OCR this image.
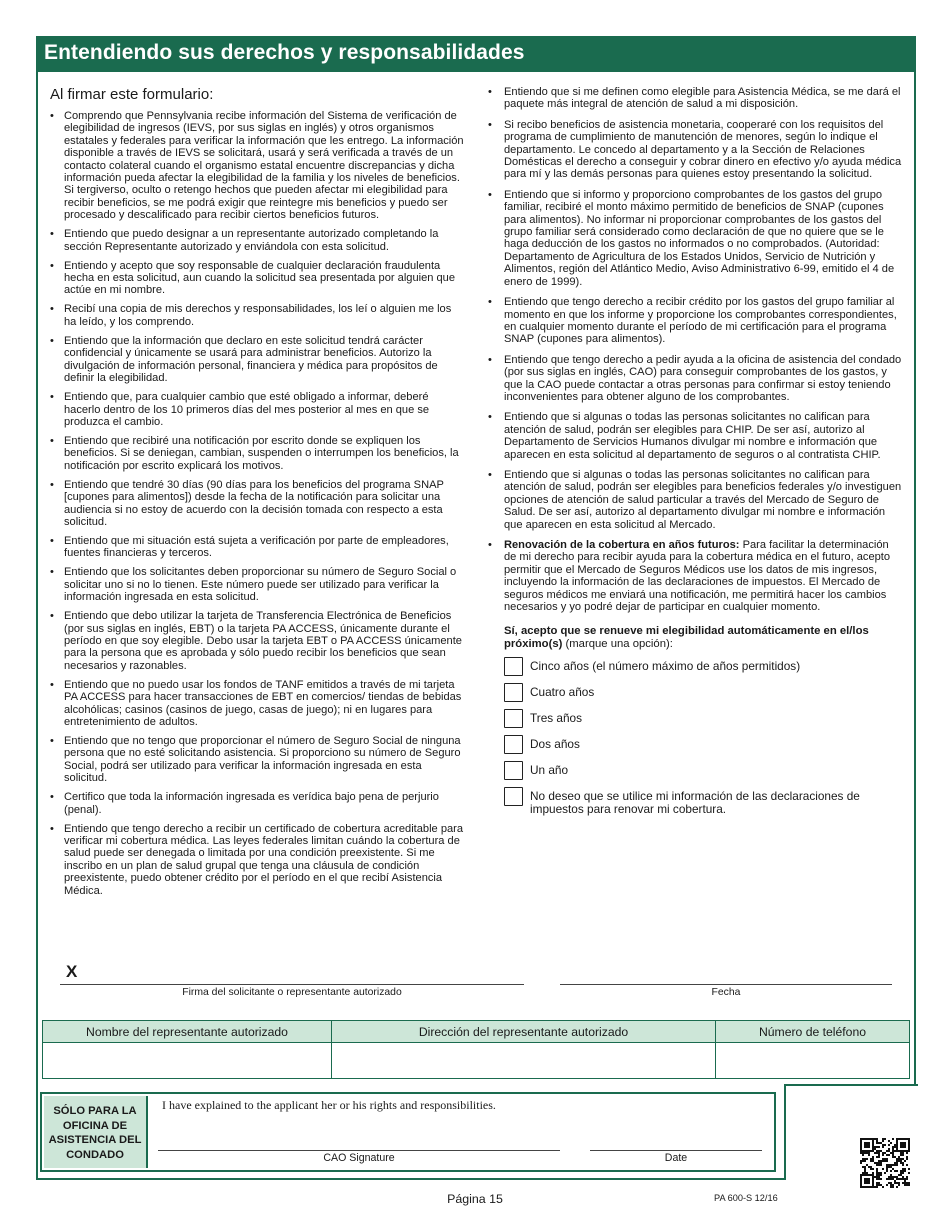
Entendiendo sus derechos y responsabilidades
Al firmar este formulario:
• Comprendo que Pennsylvania recibe información del Sistema de verificación de elegibilidad de ingresos (IEVS, por sus siglas en inglés) y otros organismos estatales y federales para verificar la información que les entrego. La información disponible a través de IEVS se solicitará, usará y será verificada a través de un contacto colateral cuando el organismo estatal encuentre discrepancias y dicha información pueda afectar la elegibilidad de la familia y los niveles de beneficios. Si tergiverso, oculto o retengo hechos que pueden afectar mi elegibilidad para recibir beneficios, se me podrá exigir que reintegre mis beneficios y puedo ser procesado y descalificado para recibir ciertos beneficios futuros.
• Entiendo que puedo designar a un representante autorizado completando la sección Representante autorizado y enviándola con esta solicitud.
• Entiendo y acepto que soy responsable de cualquier declaración fraudulenta hecha en esta solicitud, aun cuando la solicitud sea presentada por alguien que actúe en mi nombre.
• Recibí una copia de mis derechos y responsabilidades, los leí o alguien me los ha leído, y los comprendo.
• Entiendo que la información que declaro en este solicitud tendrá carácter confidencial y únicamente se usará para administrar beneficios. Autorizo la divulgación de información personal, financiera y médica para propósitos de definir la elegibilidad.
• Entiendo que, para cualquier cambio que esté obligado a informar, deberé hacerlo dentro de los 10 primeros días del mes posterior al mes en que se produzca el cambio.
• Entiendo que recibiré una notificación por escrito donde se expliquen los beneficios. Si se deniegan, cambian, suspenden o interrumpen los beneficios, la notificación por escrito explicará los motivos.
• Entiendo que tendré 30 días (90 días para los beneficios del programa SNAP [cupones para alimentos]) desde la fecha de la notificación para solicitar una audiencia si no estoy de acuerdo con la decisión tomada con respecto a esta solicitud.
• Entiendo que mi situación está sujeta a verificación por parte de empleadores, fuentes financieras y terceros.
• Entiendo que los solicitantes deben proporcionar su número de Seguro Social o solicitar uno si no lo tienen. Este número puede ser utilizado para verificar la información ingresada en esta solicitud.
• Entiendo que debo utilizar la tarjeta de Transferencia Electrónica de Beneficios (por sus siglas en inglés, EBT) o la tarjeta PA ACCESS, únicamente durante el período en que soy elegible. Debo usar la tarjeta EBT o PA ACCESS únicamente para la persona que es aprobada y sólo puedo recibir los beneficios que sean necesarios y razonables.
• Entiendo que no puedo usar los fondos de TANF emitidos a través de mi tarjeta PA ACCESS para hacer transacciones de EBT en comercios/ tiendas de bebidas alcohólicas; casinos (casinos de juego, casas de juego); ni en lugares para entretenimiento de adultos.
• Entiendo que no tengo que proporcionar el número de Seguro Social de ninguna persona que no esté solicitando asistencia. Si proporciono su número de Seguro Social, podrá ser utilizado para verificar la información ingresada en esta solicitud.
• Certifico que toda la información ingresada es verídica bajo pena de perjurio (penal).
• Entiendo que tengo derecho a recibir un certificado de cobertura acreditable para verificar mi cobertura médica. Las leyes federales limitan cuándo la cobertura de salud puede ser denegada o limitada por una condición preexistente. Si me inscribo en un plan de salud grupal que tenga una cláusula de condición preexistente, puedo obtener crédito por el período en el que recibí Asistencia Médica.
• Entiendo que si me definen como elegible para Asistencia Médica, se me dará el paquete más integral de atención de salud a mi disposición.
• Si recibo beneficios de asistencia monetaria, cooperaré con los requisitos del programa de cumplimiento de manutención de menores, según lo indique el departamento. Le concedo al departamento y a la Sección de Relaciones Domésticas el derecho a conseguir y cobrar dinero en efectivo y/o ayuda médica para mí y las demás personas para quienes estoy presentando la solicitud.
• Entiendo que si informo y proporciono comprobantes de los gastos del grupo familiar, recibiré el monto máximo permitido de beneficios de SNAP (cupones para alimentos). No informar ni proporcionar comprobantes de los gastos del grupo familiar será considerado como declaración de que no quiere que se le haga deducción de los gastos no informados o no comprobados. (Autoridad: Departamento de Agricultura de los Estados Unidos, Servicio de Nutrición y Alimentos, región del Atlántico Medio, Aviso Administrativo 6-99, emitido el 4 de enero de 1999).
• Entiendo que tengo derecho a recibir crédito por los gastos del grupo familiar al momento en que los informe y proporcione los comprobantes correspondientes, en cualquier momento durante el período de mi certificación para el programa SNAP (cupones para alimentos).
• Entiendo que tengo derecho a pedir ayuda a la oficina de asistencia del condado (por sus siglas en inglés, CAO) para conseguir comprobantes de los gastos, y que la CAO puede contactar a otras personas para confirmar si estoy teniendo inconvenientes para obtener alguno de los comprobantes.
• Entiendo que si algunas o todas las personas solicitantes no califican para atención de salud, podrán ser elegibles para CHIP. De ser así, autorizo al Departamento de Servicios Humanos divulgar mi nombre e información que aparecen en esta solicitud al departamento de seguros o al contratista CHIP.
• Entiendo que si algunas o todas las personas solicitantes no califican para atención de salud, podrán ser elegibles para beneficios federales y/o investiguen opciones de atención de salud particular a través del Mercado de Seguro de Salud. De ser así, autorizo al departamento divulgar mi nombre e información que aparecen en esta solicitud al Mercado.
• Renovación de la cobertura en años futuros: Para facilitar la determinación de mi derecho para recibir ayuda para la cobertura médica en el futuro, acepto permitir que el Mercado de Seguros Médicos use los datos de mis ingresos, incluyendo la información de las declaraciones de impuestos. El Mercado de seguros médicos me enviará una notificación, me permitirá hacer los cambios necesarios y yo podré dejar de participar en cualquier momento.
Sí, acepto que se renueve mi elegibilidad automáticamente en el/los próximo(s) (marque una opción):
Cinco años (el número máximo de años permitidos)
Cuatro años
Tres años
Dos años
Un año
No deseo que se utilice mi información de las declaraciones de impuestos para renovar mi cobertura.
X
Firma del solicitante o representante autorizado	Fecha
Nombre del representante autorizado	Dirección del representante autorizado	Número de teléfono

SÓLO PARA LA OFICINA DE ASISTENCIA DEL CONDADO
I have explained to the applicant her or his rights and responsibilities.
CAO Signature	Date
Página 15	PA 600-S 12/16
